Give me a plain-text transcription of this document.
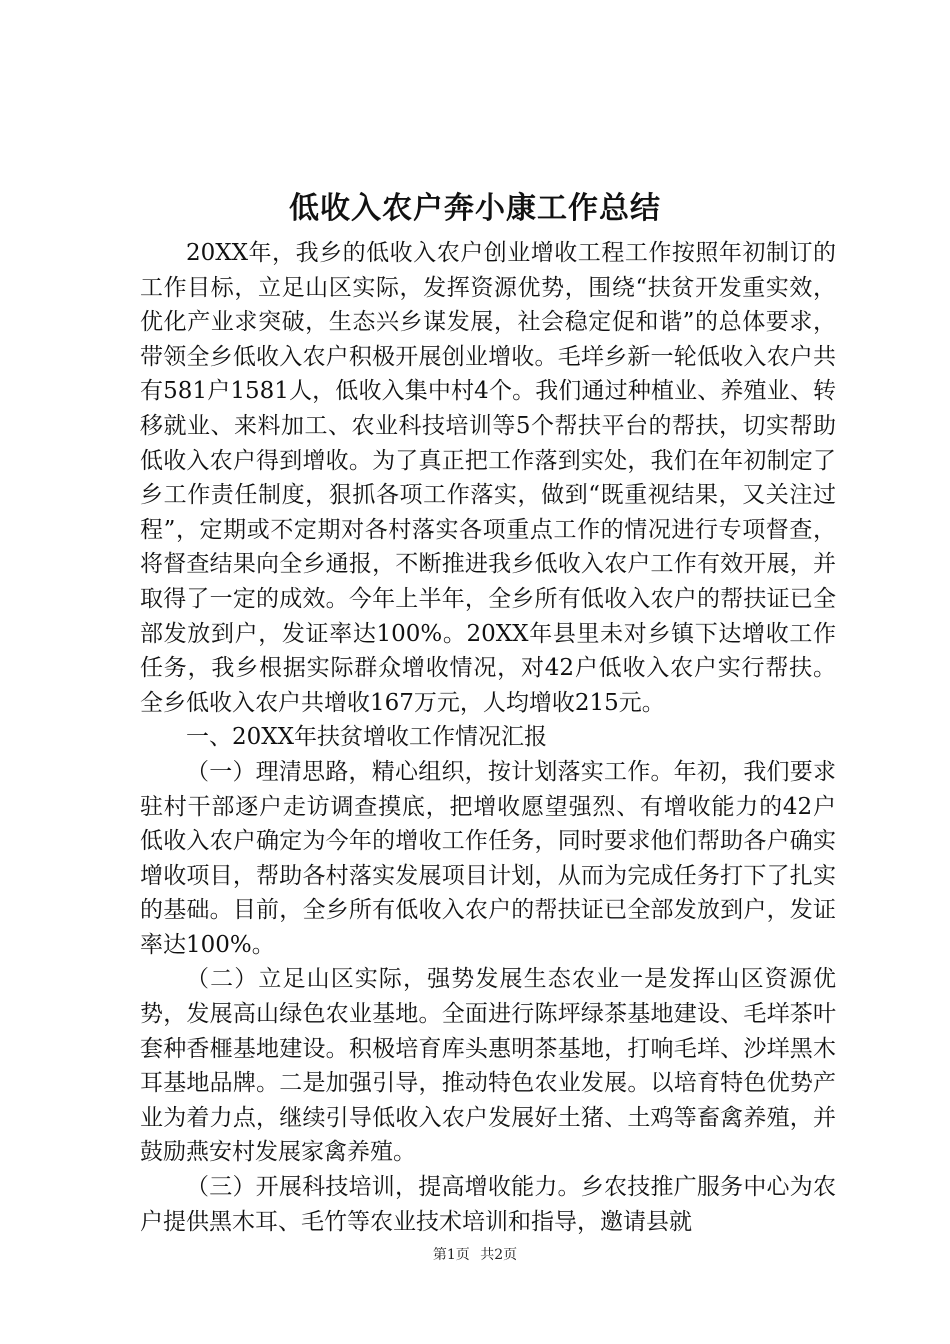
低收入农户奔小康工作总结

20XX年，我乡的低收入农户创业增收工程工作按照年初制订的工作目标，立足山区实际，发挥资源优势，围绕“扶贫开发重实效，优化产业求突破，生态兴乡谋发展，社会稳定促和谐”的总体要求，带领全乡低收入农户积极开展创业增收。毛垟乡新一轮低收入农户共有581户1581人，低收入集中村4个。我们通过种植业、养殖业、转移就业、来料加工、农业科技培训等5个帮扶平台的帮扶，切实帮助低收入农户得到增收。为了真正把工作落到实处，我们在年初制定了乡工作责任制度，狠抓各项工作落实，做到“既重视结果，又关注过程”，定期或不定期对各村落实各项重点工作的情况进行专项督查，将督查结果向全乡通报，不断推进我乡低收入农户工作有效开展，并取得了一定的成效。今年上半年，全乡所有低收入农户的帮扶证已全部发放到户，发证率达100%。20XX年县里未对乡镇下达增收工作任务，我乡根据实际群众增收情况，对42户低收入农户实行帮扶。全乡低收入农户共增收167万元，人均增收215元。

一、20XX年扶贫增收工作情况汇报

（一）理清思路，精心组织，按计划落实工作。年初，我们要求驻村干部逐户走访调查摸底，把增收愿望强烈、有增收能力的42户低收入农户确定为今年的增收工作任务，同时要求他们帮助各户确实增收项目，帮助各村落实发展项目计划，从而为完成任务打下了扎实的基础。目前，全乡所有低收入农户的帮扶证已全部发放到户，发证率达100%。

（二）立足山区实际，强势发展生态农业一是发挥山区资源优势，发展高山绿色农业基地。全面进行陈坪绿茶基地建设、毛垟茶叶套种香榧基地建设。积极培育库头惠明茶基地，打响毛垟、沙垟黑木耳基地品牌。二是加强引导，推动特色农业发展。以培育特色优势产业为着力点，继续引导低收入农户发展好土猪、土鸡等畜禽养殖，并鼓励燕安村发展家禽养殖。

（三）开展科技培训，提高增收能力。乡农技推广服务中心为农户提供黑木耳、毛竹等农业技术培训和指导，邀请县就

第1页 共2页
